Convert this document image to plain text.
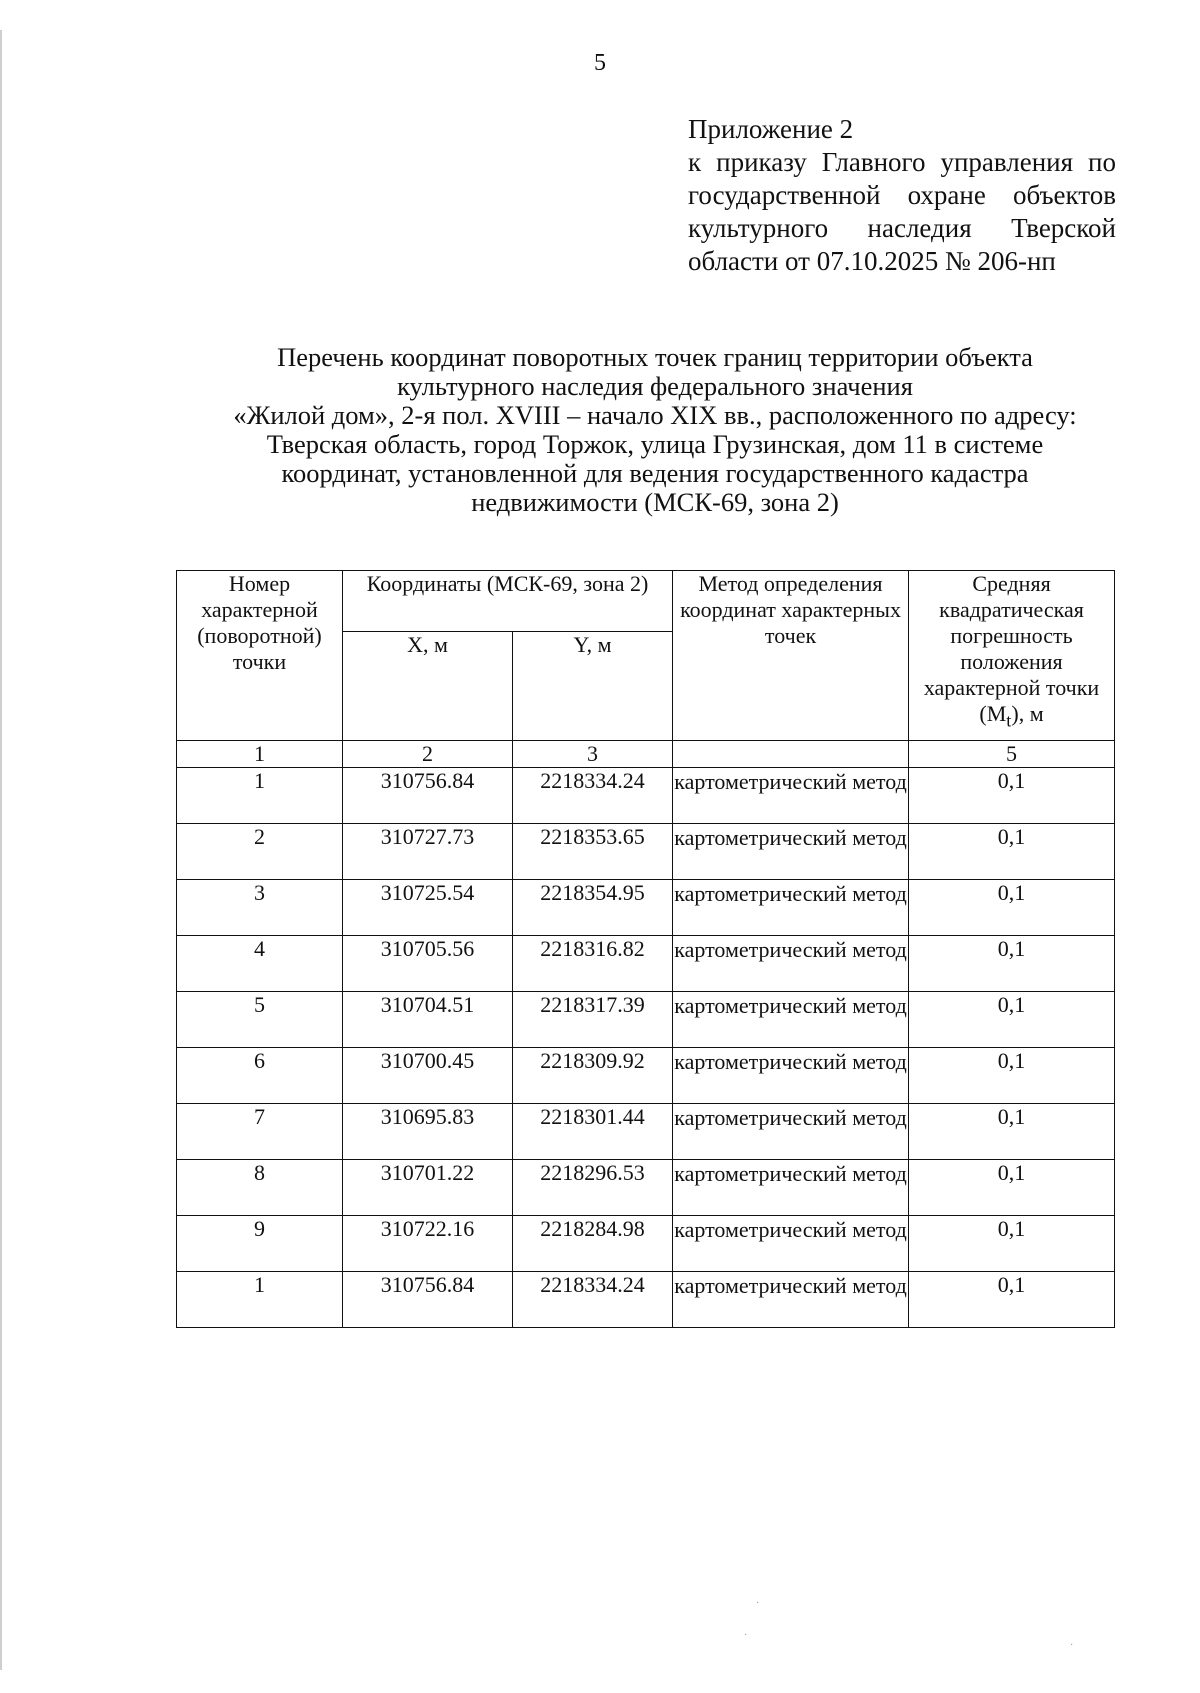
5
Приложение 2
к приказу Главного управления по государственной охране объектов культурного наследия Тверской области от 07.10.2025 № 206-нп
Перечень координат поворотных точек границ территории объекта
культурного наследия федерального значения
«Жилой дом», 2-я пол. XVIII – начало XIX вв., расположенного по адресу:
Тверская область, город Торжок, улица Грузинская, дом 11 в системе
координат, установленной для ведения государственного кадастра
недвижимости (МСК-69, зона 2)
Номер характерной (поворотной) точки	Координаты (МСК-69, зона 2)		Метод определения координат характерных точек	Средняя квадратическая погрешность положения характерной точки $(M_t)$, м
	X, м	Y, м		
1	2	3		5
1	310756.84	2218334.24	картометрический метод	0,1
2	310727.73	2218353.65	картометрический метод	0,1
3	310725.54	2218354.95	картометрический метод	0,1
4	310705.56	2218316.82	картометрический метод	0,1
5	310704.51	2218317.39	картометрический метод	0,1
6	310700.45	2218309.92	картометрический метод	0,1
7	310695.83	2218301.44	картометрический метод	0,1
8	310701.22	2218296.53	картометрический метод	0,1
9	310722.16	2218284.98	картометрический метод	0,1
1	310756.84	2218334.24	картометрический метод	0,1
·
·
·
